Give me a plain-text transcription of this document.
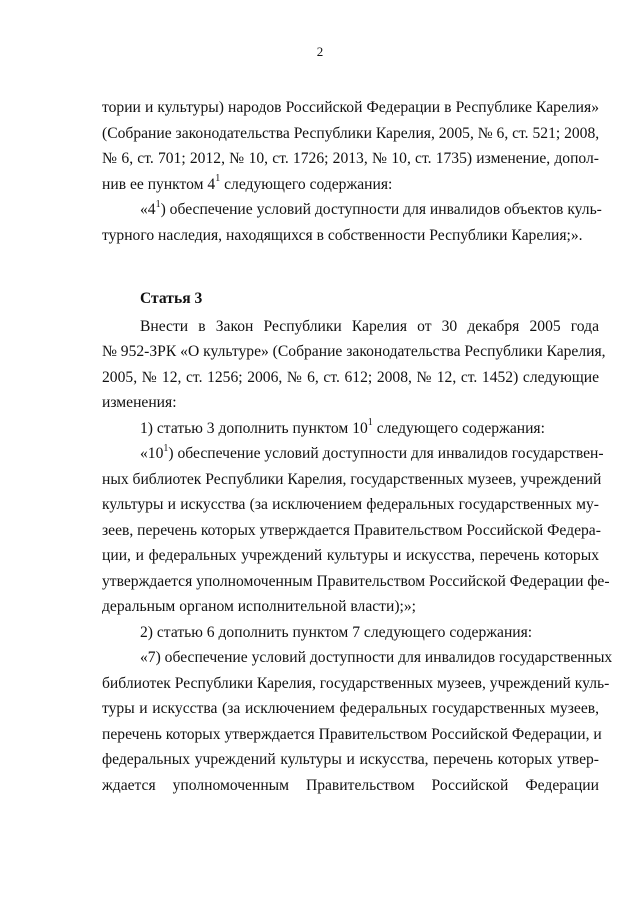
2

тории и культуры) народов Российской Федерации в Республике Карелия»
(Собрание законодательства Республики Карелия, 2005, № 6, ст. 521; 2008,
№ 6, ст. 701; 2012, № 10, ст. 1726; 2013, № 10, ст. 1735) изменение, допол-
нив ее пунктом $4^1$ следующего содержания:

«$4^1$) обеспечение условий доступности для инвалидов объектов куль-
турного наследия, находящихся в собственности Республики Карелия;».

Статья 3

Внести в Закон Республики Карелия от 30 декабря 2005 года
№ 952-ЗРК «О культуре» (Собрание законодательства Республики Карелия,
2005, № 12, ст. 1256; 2006, № 6, ст. 612; 2008, № 12, ст. 1452) следующие
изменения:

1) статью 3 дополнить пунктом $10^1$ следующего содержания:

«$10^1$) обеспечение условий доступности для инвалидов государствен-
ных библиотек Республики Карелия, государственных музеев, учреждений
культуры и искусства (за исключением федеральных государственных му-
зеев, перечень которых утверждается Правительством Российской Федера-
ции, и федеральных учреждений культуры и искусства, перечень которых
утверждается уполномоченным Правительством Российской Федерации фе-
деральным органом исполнительной власти);»;

2) статью 6 дополнить пунктом 7 следующего содержания:

«7) обеспечение условий доступности для инвалидов государственных
библиотек Республики Карелия, государственных музеев, учреждений куль-
туры и искусства (за исключением федеральных государственных музеев,
перечень которых утверждается Правительством Российской Федерации, и
федеральных учреждений культуры и искусства, перечень которых утвер-
ждается уполномоченным Правительством Российской Федерации
